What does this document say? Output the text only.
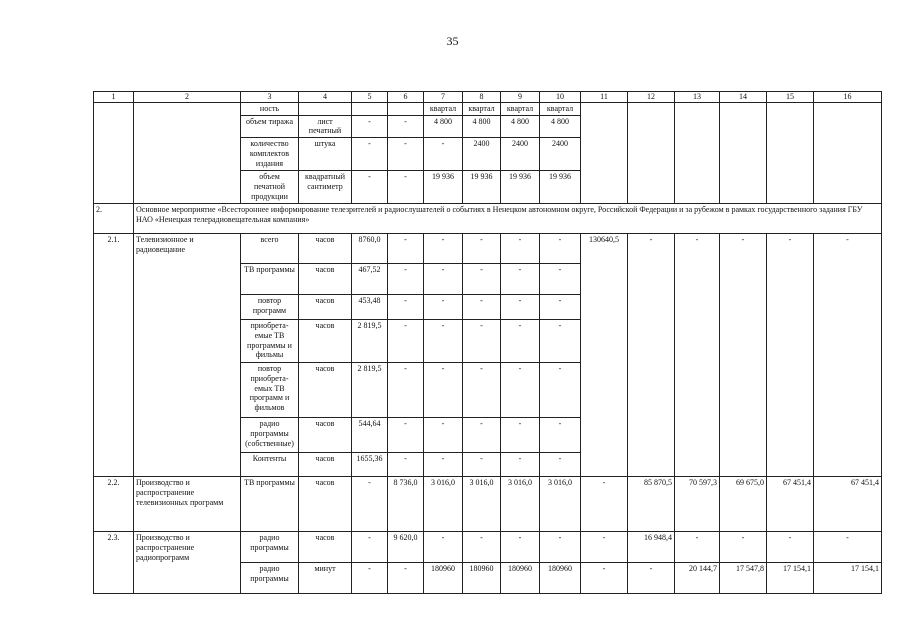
35
1	2	3	4	5	6	7	8	9	10	11	12	13	14	15	16
		ность				квартал	квартал	квартал	квартал						
		объем тиража	лист печатный	-	-	4 800	4 800	4 800	4 800						
		количество комплектов издания	штука	-	-	-	2400	2400	2400						
		объем печатной продукции	квадратный сантиметр	-	-	19 936	19 936	19 936	19 936						
2.	Основное мероприятие «Всестороннее информирование телезрителей и радиослушателей о событиях в Ненецком автономном округе, Российской Федерации и за рубежом в рамках государственного задания ГБУ НАО «Ненецкая телерадиовещательная компания»														
2.1.	Телевизионное и радиовещание	всего	часов	8760,0	-	-	-	-	-	130640,5	-	-	-	-	-
		ТВ программы	часов	467,52	-	-	-	-	-						
		повтор программ	часов	453,48	-	-	-	-	-						
		приобрета-емые ТВ программы и фильмы	часов	2 819,5	-	-	-	-	-						
		повтор приобрета-емых ТВ программ и фильмов	часов	2 819,5	-	-	-	-	-						
		радио программы (собственные)	часов	544,64	-	-	-	-	-						
		Контенты	часов	1655,36	-	-	-	-	-						
2.2.	Производство и распространение телевизионных программ	ТВ программы	часов	-	8 736,0	3 016,0	3 016,0	3 016,0	3 016,0	-	85 870,5	70 597,3	69 675,0	67 451,4	67 451,4
2.3.	Производство и распространение радиопрограмм	радио программы	часов	-	9 620,0	-	-	-	-	-	16 948,4	-	-	-	-
		радио программы	минут	-	-	180960	180960	180960	180960	-	-	20 144,7	17 547,8	17 154,1	17 154,1
